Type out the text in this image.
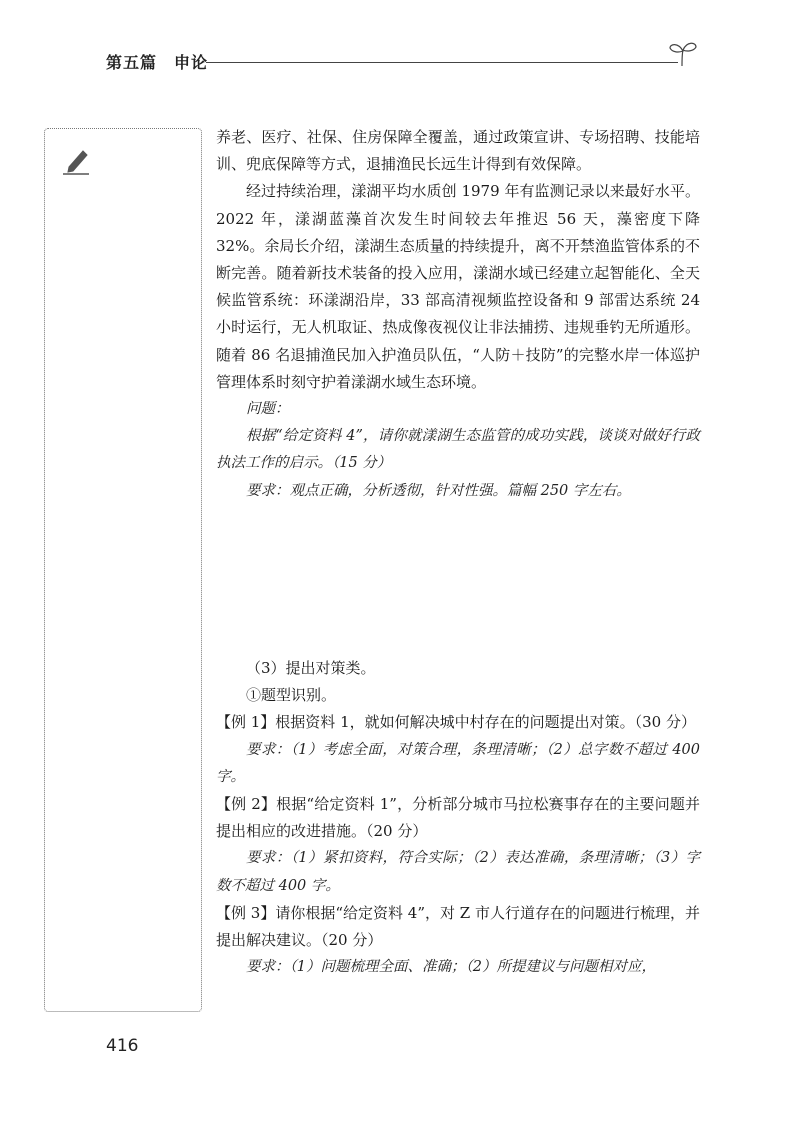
第五篇　申论

养老、医疗、社保、住房保障全覆盖，通过政策宣讲、专场招聘、技能培训、兜底保障等方式，退捕渔民长远生计得到有效保障。

经过持续治理，漾湖平均水质创 1979 年有监测记录以来最好水平。2022 年，漾湖蓝藻首次发生时间较去年推迟 56 天，藻密度下降 32%。余局长介绍，漾湖生态质量的持续提升，离不开禁渔监管体系的不断完善。随着新技术装备的投入应用，漾湖水域已经建立起智能化、全天候监管系统：环漾湖沿岸，33 部高清视频监控设备和 9 部雷达系统 24 小时运行，无人机取证、热成像夜视仪让非法捕捞、违规垂钓无所遁形。随着 86 名退捕渔民加入护渔员队伍，“人防＋技防”的完整水岸一体巡护管理体系时刻守护着漾湖水域生态环境。

问题：

根据“给定资料 4”，请你就漾湖生态监管的成功实践，谈谈对做好行政执法工作的启示。（15 分）

要求：观点正确，分析透彻，针对性强。篇幅 250 字左右。

（3）提出对策类。

①题型识别。

【例 1】根据资料 1，就如何解决城中村存在的问题提出对策。（30 分）

要求：（1）考虑全面，对策合理，条理清晰；（2）总字数不超过 400 字。

【例 2】根据“给定资料 1”，分析部分城市马拉松赛事存在的主要问题并提出相应的改进措施。（20 分）

要求：（1）紧扣资料，符合实际；（2）表达准确，条理清晰；（3）字数不超过 400 字。

【例 3】请你根据“给定资料 4”，对 Z 市人行道存在的问题进行梳理，并提出解决建议。（20 分）

要求：（1）问题梳理全面、准确；（2）所提建议与问题相对应，

416
